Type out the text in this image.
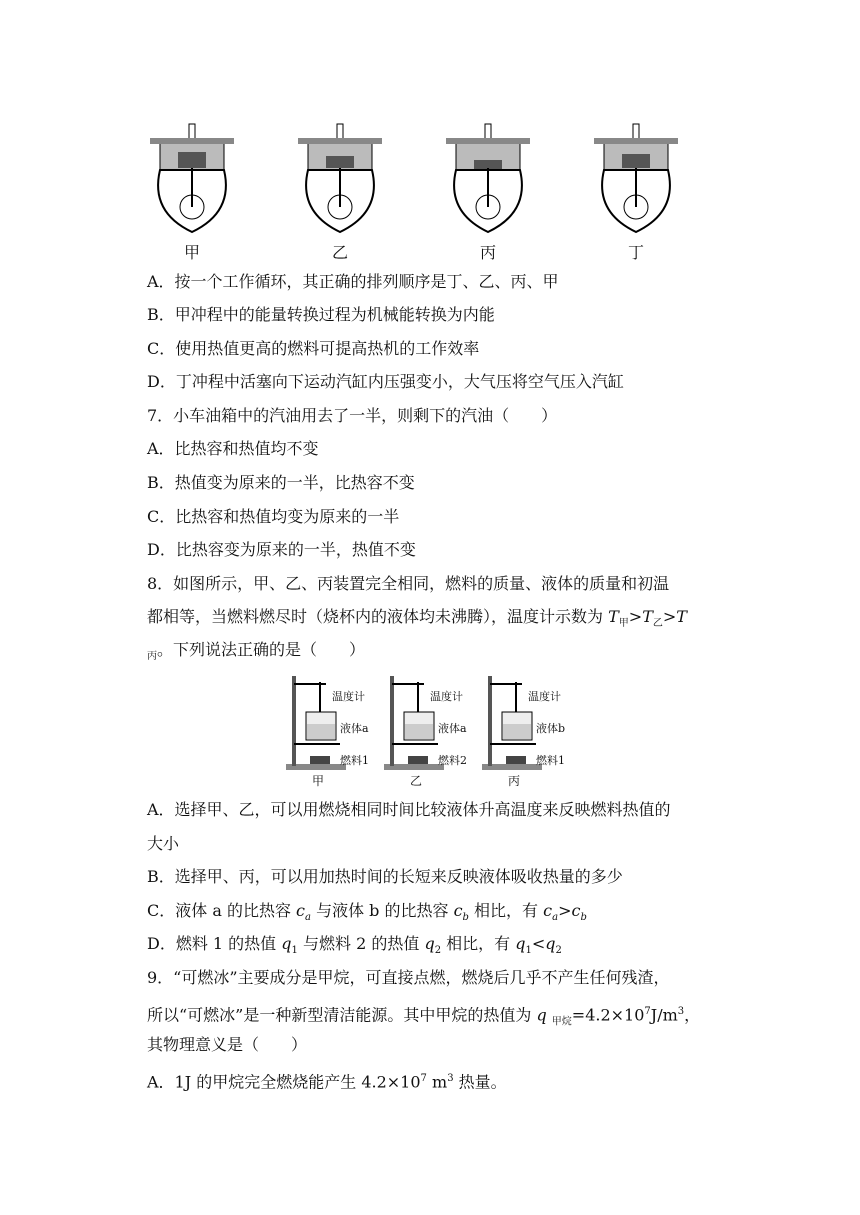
甲	乙	丙	丁
A．按一个工作循环，其正确的排列顺序是丁、乙、丙、甲
B．甲冲程中的能量转换过程为机械能转换为内能
C．使用热值更高的燃料可提高热机的工作效率
D．丁冲程中活塞向下运动汽缸内压强变小，大气压将空气压入汽缸
7．小车油箱中的汽油用去了一半，则剩下的汽油（　　）
A．比热容和热值均不变
B．热值变为原来的一半，比热容不变
C．比热容和热值均变为原来的一半
D．比热容变为原来的一半，热值不变
8．如图所示，甲、乙、丙装置完全相同，燃料的质量、液体的质量和初温
都相等，当燃料燃尽时（烧杯内的液体均未沸腾），温度计示数为 $T_甲>T_乙>T$
$_丙$。下列说法正确的是（　　）
甲
温度计
液体a
燃料1
乙
温度计
液体a
燃料2
丙
温度计
液体b
燃料1
A．选择甲、乙，可以用燃烧相同时间比较液体升高温度来反映燃料热值的
大小
B．选择甲、丙，可以用加热时间的长短来反映液体吸收热量的多少
C．液体 a 的比热容 $c_a$ 与液体 b 的比热容 $c_b$ 相比，有 $c_a>c_b$
D．燃料 1 的热值 $q_1$ 与燃料 2 的热值 $q_2$ 相比，有 $q_1<q_2$
9．“可燃冰”主要成分是甲烷，可直接点燃，燃烧后几乎不产生任何残渣，
所以“可燃冰”是一种新型清洁能源。其中甲烷的热值为 q $_{甲烷}=4.2\times 10^7J/m^3$，
其物理意义是（　　）
A．1J 的甲烷完全燃烧能产生 $4.2\times 10^7$ $m^3$ 热量。
